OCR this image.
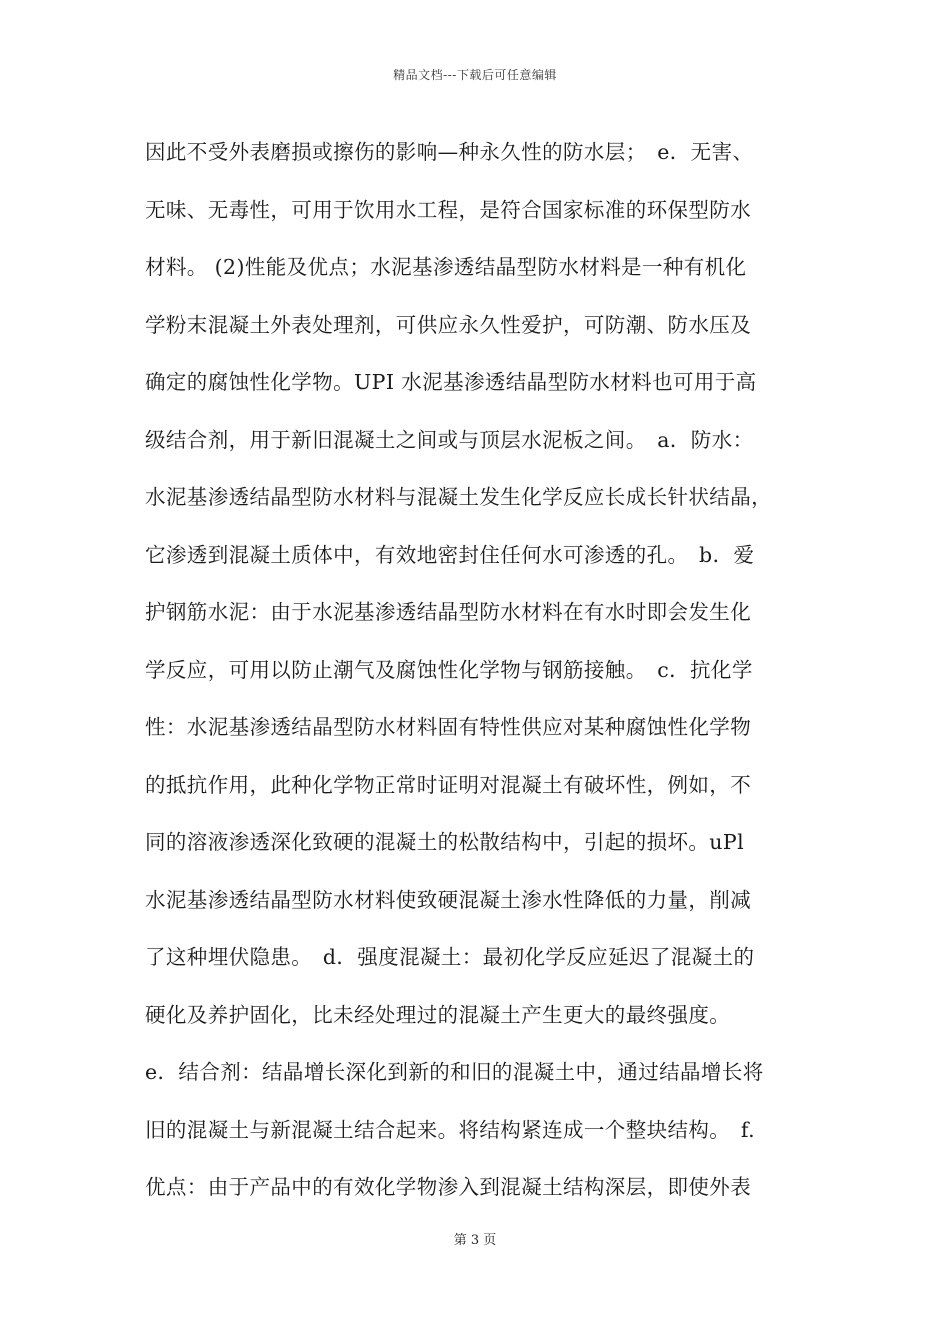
精品文档---下载后可任意编辑
因此不受外表磨损或擦伤的影响—种永久性的防水层；　e．无害、
无味、无毒性，可用于饮用水工程，是符合国家标准的环保型防水
材料。 (2)性能及优点；水泥基渗透结晶型防水材料是一种有机化
学粉末混凝土外表处理剂，可供应永久性爱护，可防潮、防水压及
确定的腐蚀性化学物。UPI 水泥基渗透结晶型防水材料也可用于高
级结合剂，用于新旧混凝土之间或与顶层水泥板之间。　a．防水：
水泥基渗透结晶型防水材料与混凝土发生化学反应长成长针状结晶，
它渗透到混凝土质体中，有效地密封住任何水可渗透的孔。　b．爱
护钢筋水泥：由于水泥基渗透结晶型防水材料在有水时即会发生化
学反应，可用以防止潮气及腐蚀性化学物与钢筋接触。　c．抗化学
性：水泥基渗透结晶型防水材料固有特性供应对某种腐蚀性化学物
的抵抗作用，此种化学物正常时证明对混凝土有破坏性，例如，不
同的溶液渗透深化致硬的混凝土的松散结构中，引起的损坏。uPl
水泥基渗透结晶型防水材料使致硬混凝土渗水性降低的力量，削减
了这种埋伏隐患。　d．强度混凝土：最初化学反应延迟了混凝土的
硬化及养护固化，比未经处理过的混凝土产生更大的最终强度。
e．结合剂：结晶增长深化到新的和旧的混凝土中，通过结晶增长将
旧的混凝土与新混凝土结合起来。将结构紧连成一个整块结构。　f.
优点：由于产品中的有效化学物渗入到混凝土结构深层，即使外表
第 3 页
